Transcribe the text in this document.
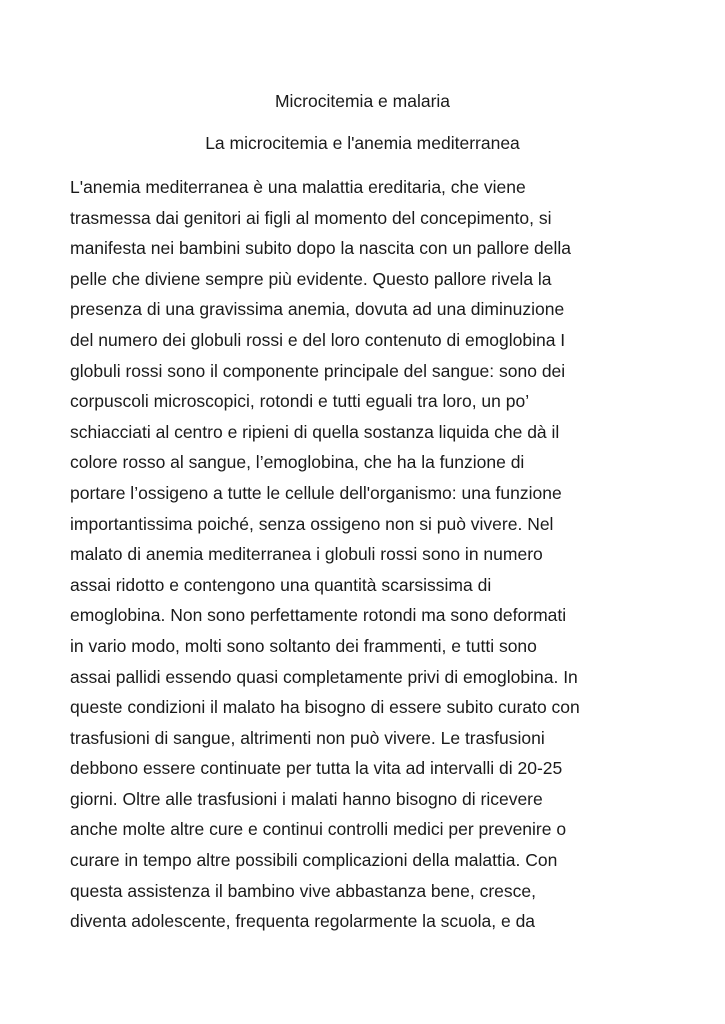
Microcitemia e malaria
La microcitemia e l'anemia mediterranea

L'anemia mediterranea è una malattia ereditaria, che viene
trasmessa dai genitori ai figli al momento del concepimento, si
manifesta nei bambini subito dopo la nascita con un pallore della
pelle che diviene sempre più evidente. Questo pallore rivela la
presenza di una gravissima anemia, dovuta ad una diminuzione
del numero dei globuli rossi e del loro contenuto di emoglobina I
globuli rossi sono il componente principale del sangue: sono dei
corpuscoli microscopici, rotondi e tutti eguali tra loro, un po’
schiacciati al centro e ripieni di quella sostanza liquida che dà il
colore rosso al sangue, l’emoglobina, che ha la funzione di
portare l’ossigeno a tutte le cellule dell'organismo: una funzione
importantissima poiché, senza ossigeno non si può vivere. Nel
malato di anemia mediterranea i globuli rossi sono in numero
assai ridotto e contengono una quantità scarsissima di
emoglobina. Non sono perfettamente rotondi ma sono deformati
in vario modo, molti sono soltanto dei frammenti, e tutti sono
assai pallidi essendo quasi completamente privi di emoglobina. In
queste condizioni il malato ha bisogno di essere subito curato con
trasfusioni di sangue, altrimenti non può vivere. Le trasfusioni
debbono essere continuate per tutta la vita ad intervalli di 20-25
giorni. Oltre alle trasfusioni i malati hanno bisogno di ricevere
anche molte altre cure e continui controlli medici per prevenire o
curare in tempo altre possibili complicazioni della malattia. Con
questa assistenza il bambino vive abbastanza bene, cresce,
diventa adolescente, frequenta regolarmente la scuola, e da
